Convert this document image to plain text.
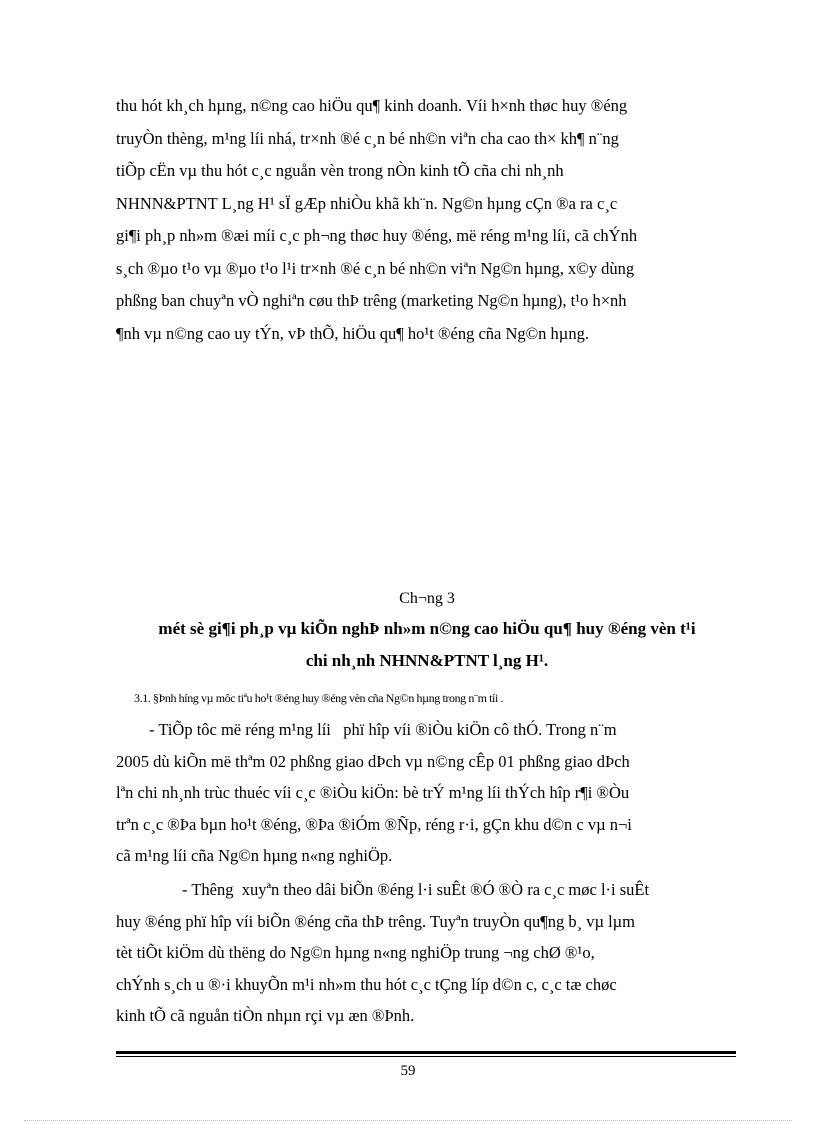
thu hót kh¸ch hµng, n©ng cao hiÖu qu¶ kinh doanh. Víi h×nh thøc huy ®éng
truyÒn thèng, m¹ng líi nhá, tr×nh ®é c¸n bé nh©n viªn cha cao th× kh¶ n¨ng
tiÕp cËn vµ thu hót c¸c nguån vèn trong nÒn kinh tÕ cña chi nh¸nh
NHNN&PTNT L¸ng H¹ sÏ gÆp nhiÒu khã kh¨n. Ng©n hµng cÇn ®a ra c¸c
gi¶i ph¸p nh»m ®æi míi c¸c ph¬ng thøc huy ®éng, më réng m¹ng líi, cã chÝnh
s¸ch ®µo t¹o vµ ®µo t¹o l¹i tr×nh ®é c¸n bé nh©n viªn Ng©n hµng, x©y dùng
phßng ban chuyªn vÒ nghiªn cøu thÞ trêng (marketing Ng©n hµng), t¹o h×nh
¶nh vµ n©ng cao uy tÝn, vÞ thÕ, hiÖu qu¶ ho¹t ®éng cña Ng©n hµng.
Ch¬ng 3
mét sè gi¶i ph¸p vµ kiÕn nghÞ nh»m n©ng cao hiÖu qu¶ huy ®éng vèn t¹i
chi nh¸nh NHNN&PTNT l¸ng H¹.
3.1. §Þnh híng vµ môc tiªu ho¹t ®éng huy ®éng vèn cña Ng©n hµng trong n¨m tíi .
- TiÕp tôc më réng m¹ng líi   phï hîp víi ®iÒu kiÖn cô thÓ. Trong n¨m
2005 dù kiÕn më thªm 02 phßng giao dÞch vµ n©ng cÊp 01 phßng giao dÞch
lªn chi nh¸nh trùc thuéc víi c¸c ®iÒu kiÖn: bè trÝ m¹ng líi thÝch hîp r¶i ®Òu
trªn c¸c ®Þa bµn ho¹t ®éng, ®Þa ®iÓm ®Ñp, réng r·i, gÇn khu d©n c vµ n¬i
cã m¹ng líi cña Ng©n hµng n«ng nghiÖp.
- Thêng  xuyªn theo dâi biÕn ®éng l·i suÊt ®Ó ®Ò ra c¸c møc l·i suÊt
huy ®éng phï hîp víi biÕn ®éng cña thÞ trêng. Tuyªn truyÒn qu¶ng b¸ vµ lµm
tèt tiÕt kiÖm dù thëng do Ng©n hµng n«ng nghiÖp trung ¬ng chØ ®¹o,
chÝnh s¸ch u ®·i khuyÕn m¹i nh»m thu hót c¸c tÇng líp d©n c, c¸c tæ chøc
kinh tÕ cã nguån tiÒn nhµn rçi vµ æn ®Þnh.
59
